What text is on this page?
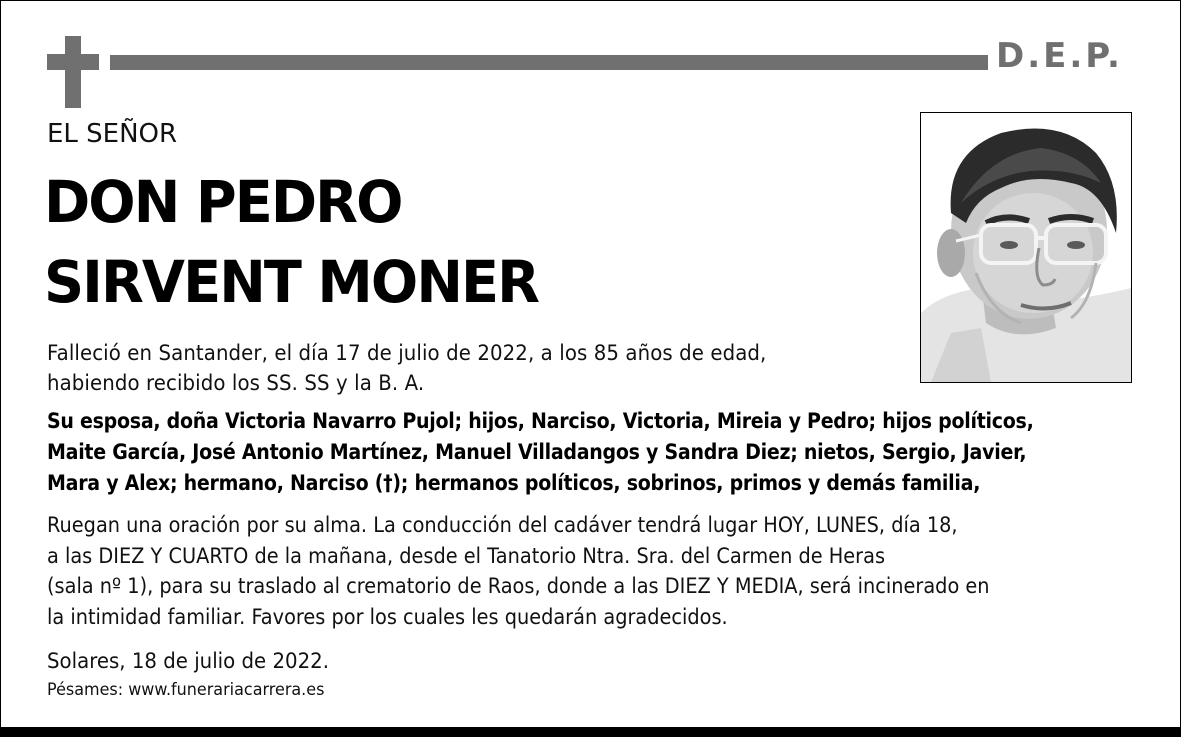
D.E.P.
EL SEÑOR
DON PEDRO
SIRVENT MONER
Falleció en Santander, el día 17 de julio de 2022, a los 85 años de edad,
habiendo recibido los SS. SS y la B. A.
Su esposa, doña Victoria Navarro Pujol; hijos, Narciso, Victoria, Mireia y Pedro; hijos políticos,
Maite García, José Antonio Martínez, Manuel Villadangos y Sandra Diez; nietos, Sergio, Javier,
Mara y Alex; hermano, Narciso (†); hermanos políticos, sobrinos, primos y demás familia,
Ruegan una oración por su alma. La conducción del cadáver tendrá lugar HOY, LUNES, día 18,
a las DIEZ Y CUARTO de la mañana, desde el Tanatorio Ntra. Sra. del Carmen de Heras
(sala nº 1), para su traslado al crematorio de Raos, donde a las DIEZ Y MEDIA, será incinerado en
la intimidad familiar. Favores por los cuales les quedarán agradecidos.
Solares, 18 de julio de 2022.
Pésames: www.funerariacarrera.es
